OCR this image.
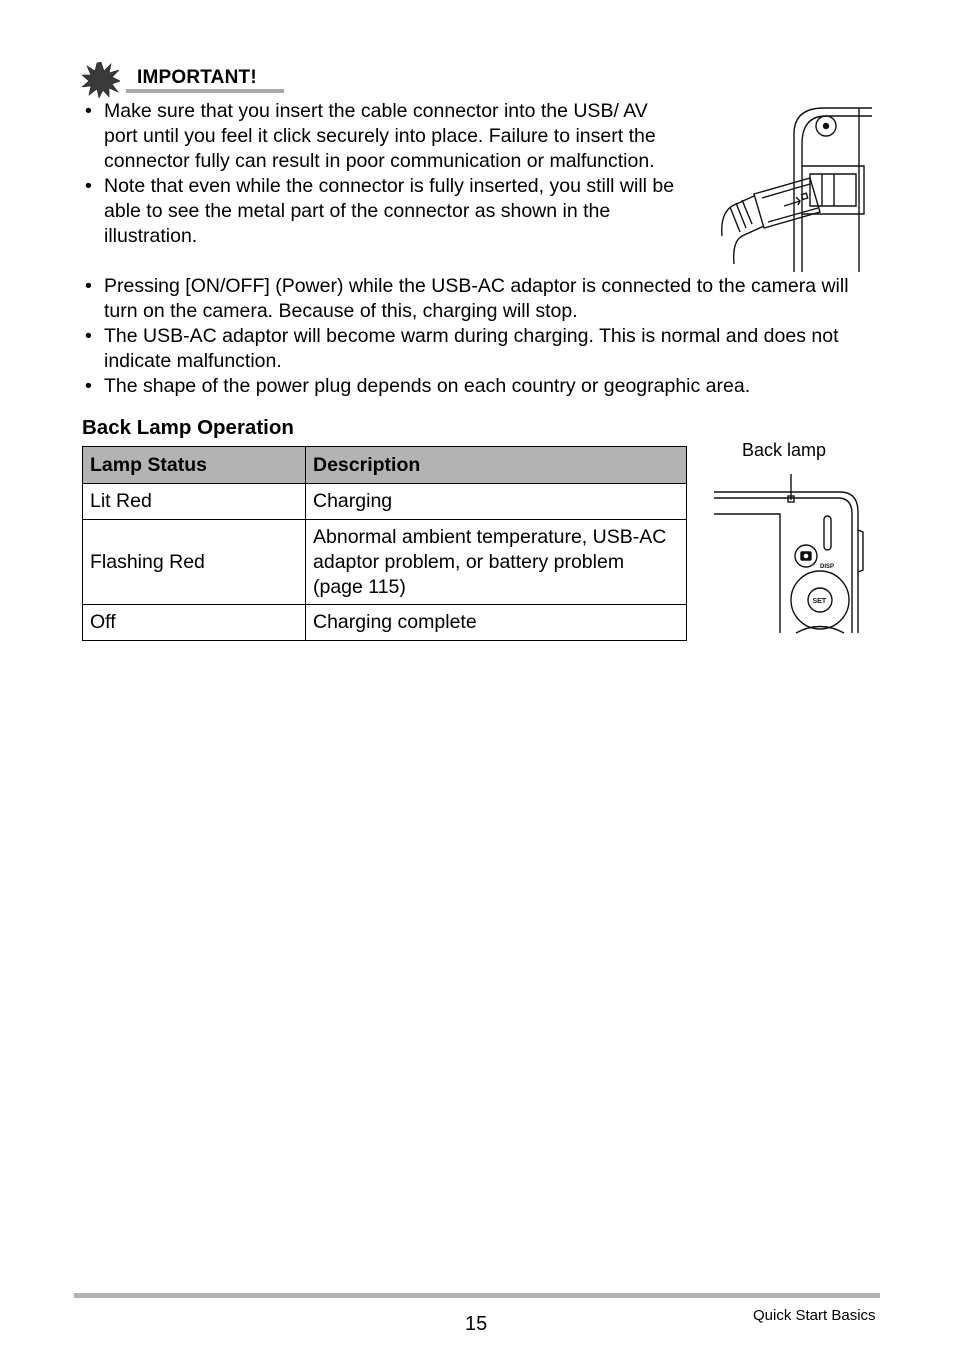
IMPORTANT!
• Make sure that you insert the cable connector into the USB/ AV port until you feel it click securely into place. Failure to insert the connector fully can result in poor communication or malfunction.
• Note that even while the connector is fully inserted, you still will be able to see the metal part of the connector as shown in the illustration.
• Pressing [ON/OFF] (Power) while the USB-AC adaptor is connected to the camera will turn on the camera. Because of this, charging will stop.
• The USB-AC adaptor will become warm during charging. This is normal and does not indicate malfunction.
• The shape of the power plug depends on each country or geographic area.
Back Lamp Operation
Lamp Status	Description
Lit Red	Charging
Flashing Red	Abnormal ambient temperature, USB-AC adaptor problem, or battery problem (page 115)
Off	Charging complete
Back lamp
DISP
SET
15	Quick Start Basics
